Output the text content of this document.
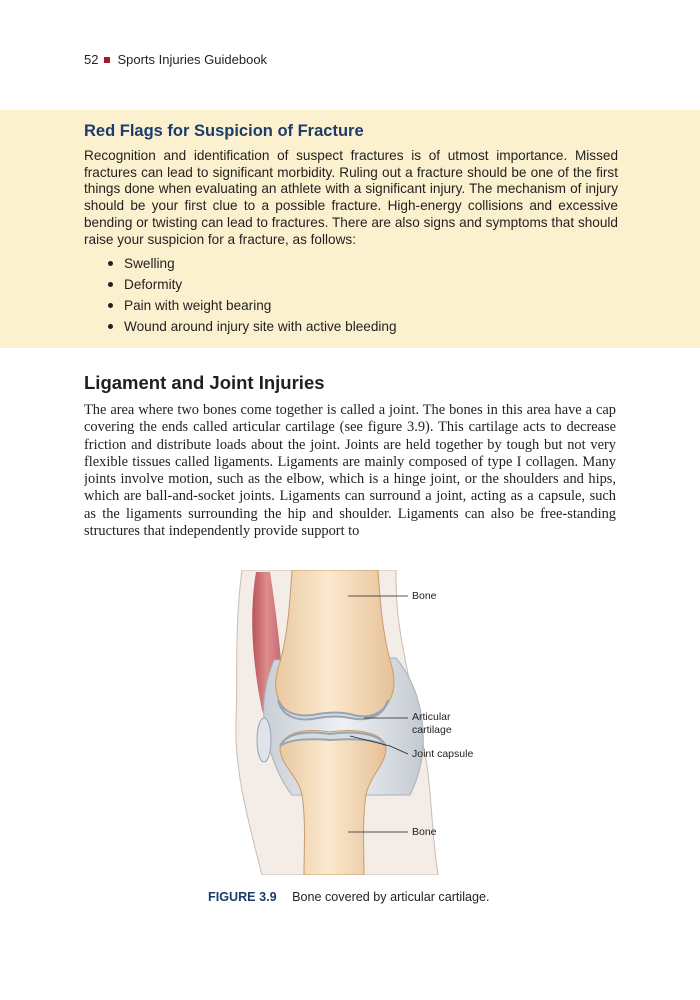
52 Sports Injuries Guidebook
Red Flags for Suspicion of Fracture

Recognition and identification of suspect fractures is of utmost importance. Missed fractures can lead to significant morbidity. Ruling out a fracture should be one of the first things done when evaluating an athlete with a significant injury. The mechanism of injury should be your first clue to a possible fracture. High-energy collisions and excessive bending or twisting can lead to fractures. There are also signs and symptoms that should raise your suspicion for a fracture, as follows:

Swelling
Deformity
Pain with weight bearing
Wound around injury site with active bleeding
Ligament and Joint Injuries

The area where two bones come together is called a joint. The bones in this area have a cap covering the ends called articular cartilage (see figure 3.9). This cartilage acts to decrease friction and distribute loads about the joint. Joints are held together by tough but not very flexible tissues called ligaments. Ligaments are mainly composed of type I collagen. Many joints involve motion, such as the elbow, which is a hinge joint, or the shoulders and hips, which are ball-and-socket joints. Ligaments can surround a joint, acting as a capsule, such as the ligaments surrounding the hip and shoulder. Ligaments can also be free-standing structures that independently provide support to

Bone
Articular
cartilage
Joint capsule
Bone
FIGURE 3.9 Bone covered by articular cartilage.
